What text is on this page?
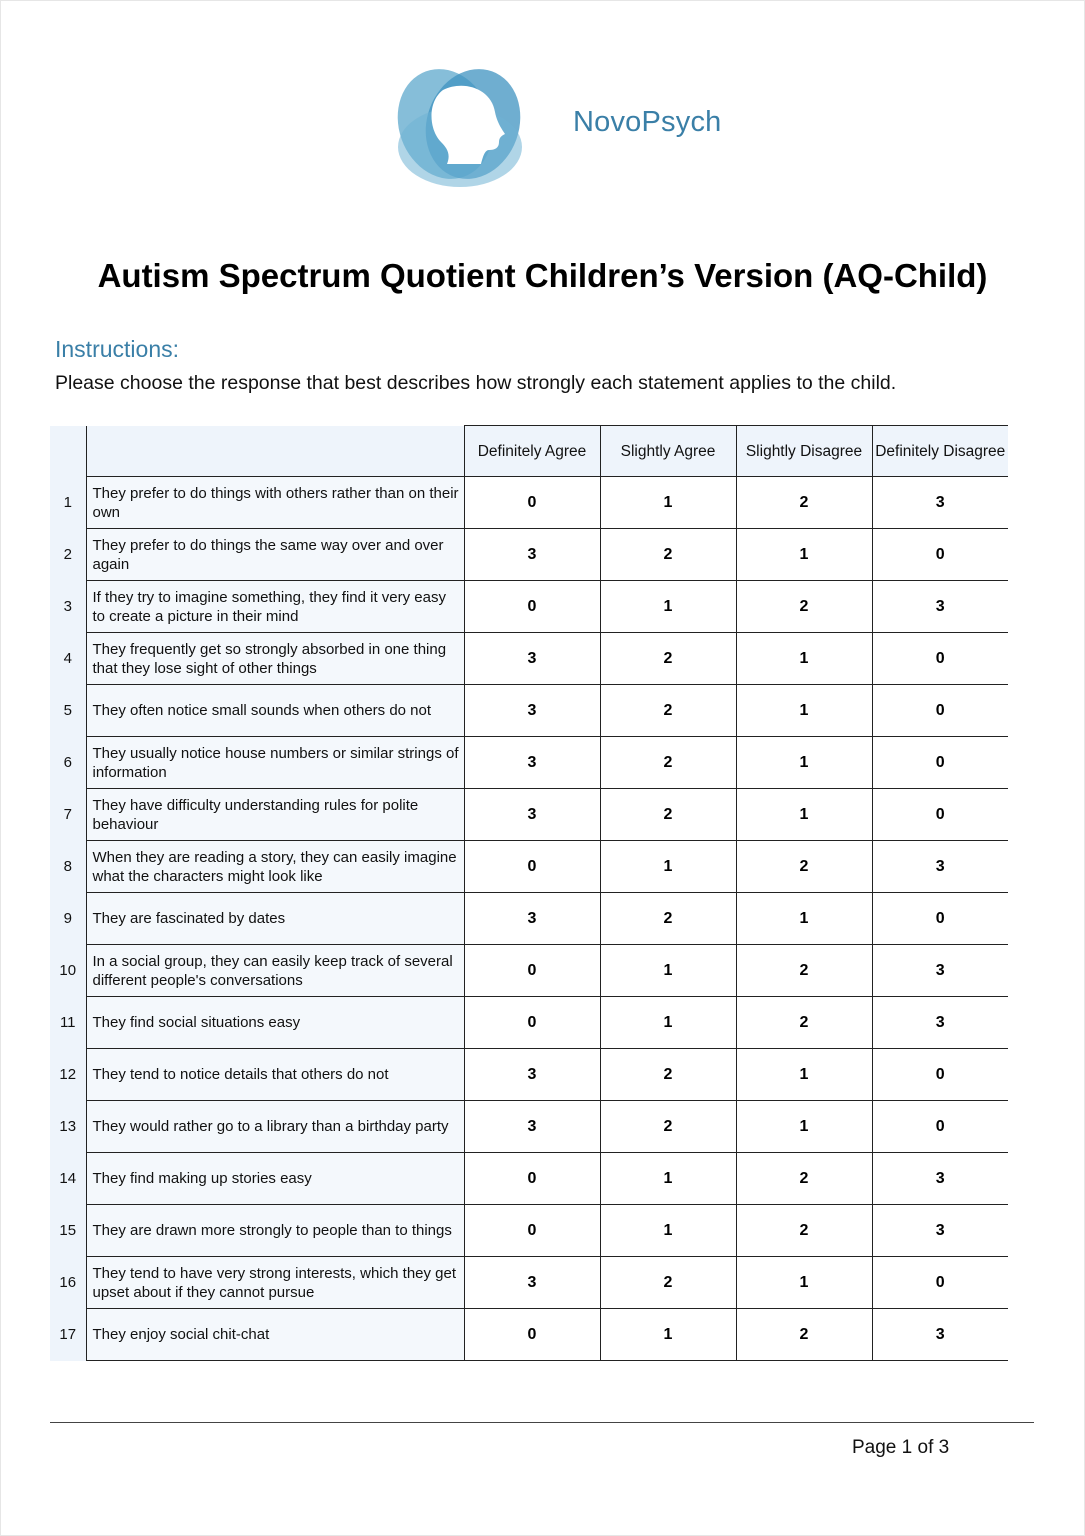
NovoPsych
Autism Spectrum Quotient Children’s Version (AQ-Child)
Instructions:
Please choose the response that best describes how strongly each statement applies to the child.
		Definitely Agree	Slightly Agree	Slightly Disagree	Definitely Disagree
1	They prefer to do things with others rather than on their own	0	1	2	3
2	They prefer to do things the same way over and over again	3	2	1	0
3	If they try to imagine something, they find it very easy to create a picture in their mind	0	1	2	3
4	They frequently get so strongly absorbed in one thing that they lose sight of other things	3	2	1	0
5	They often notice small sounds when others do not	3	2	1	0
6	They usually notice house numbers or similar strings of information	3	2	1	0
7	They have difficulty understanding rules for polite behaviour	3	2	1	0
8	When they are reading a story, they can easily imagine what the characters might look like	0	1	2	3
9	They are fascinated by dates	3	2	1	0
10	In a social group, they can easily keep track of several different people's conversations	0	1	2	3
11	They find social situations easy	0	1	2	3
12	They tend to notice details that others do not	3	2	1	0
13	They would rather go to a library than a birthday party	3	2	1	0
14	They find making up stories easy	0	1	2	3
15	They are drawn more strongly to people than to things	0	1	2	3
16	They tend to have very strong interests, which they get upset about if they cannot pursue	3	2	1	0
17	They enjoy social chit-chat	0	1	2	3
Page 1 of 3
